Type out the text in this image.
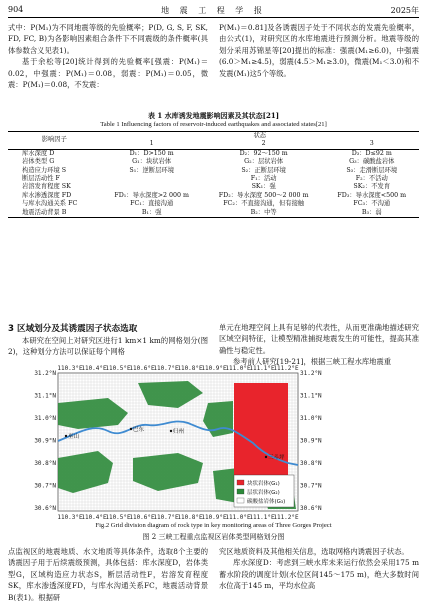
904	地 震 工 程 学 报	2025年

式中：P(M₁)为不同地震等级的先验概率；P(D, G, S, F, SK, FD, FC, B)为各影响因素组合条件下不同震级的条件概率(具体参数含义见表1)。

基于余松等[20]统计得到的先验概率[强震：P(M₁)＝0.02，中强震：P(M₁)＝0.08，弱震：P(M₁)＝0.05，微震：P(M₁)＝0.08，不发震：

P(M₁)＝0.81]及各诱震因子处于不同状态的发震先验概率，由公式(1)，对研究区的水库地震进行预测分析。地震等级的划分采用苏锦星等[20]提出的标准：强震(M₁≥6.0)，中强震(6.0＞M₁≥4.5)，弱震(4.5＞M₁≥3.0)，微震(M₁＜3.0)和不发震(M₁)这5个等级。

表 1 水库诱发地震影响因素及其状态[21]
Table 1 Influencing factors of reservoir-induced earthquakes and associated states[21]
影响因子	状态		
	1	2	3
库水深度 D	D₁：D>150 m	D₂：92～150 m	D₃：D≤92 m
岩体类型 G	G₁：块状岩体	G₂：层状岩体	G₃：碳酸盐岩体
构造应力环境 S	S₁：逆断层环境	S₂：正断层环境	S₃：走滑断层环境
断层活动性 F		F₁：活动	F₂：不活动
岩溶发育程度 SK		SK₁：强	SK₂：不发育
库水渗透深度 FD	FD₁：导水深度>2 000 m	FD₂：导水深度 500～2 000 m	FD₃：导水深度<500 m
与库水沟通关系 FC	FC₁：直接沟通	FC₂：不直接沟通，但有接触	FC₃：不沟通
地震活动背景 B	B₁：强	B₂：中等	B₃：弱
3 区域划分及其诱震因子状态选取

本研究在空间上对研究区进行1 km×1 km的网格划分(图2)，这种划分方法可以保证每个网格

单元在地理空间上具有足够的代表性，从而更准确地描述研究区域空间特征，让模型精准捕捉地震发生的可能性，提高其准确性与稳定性。

参考前人研究[19-21]，根据三峡工程水库地震重

110.3°E
110.3°E
110.4°E
110.4°E
110.5°E
110.5°E
110.6°E
110.6°E
110.7°E
110.7°E
110.8°E
110.8°E
110.9°E
110.9°E
111.0°E
111.0°E
111.1°E
111.1°E
111.2°E
111.2°E
31.2°N	31.2°N
31.1°N	31.1°N
31.0°N	31.0°N
30.9°N	30.9°N
30.8°N	30.8°N
30.7°N	30.7°N
30.6°N	30.6°N
巫山
巴东	归州
三斗坪
块状岩体(G₁)
层状岩体(G₂)
碳酸盐岩体(G₃)
Fig.2 Grid division diagram of rock type in key monitoring areas of Three Gorges Project
图 2 三峡工程重点监视区岩体类型网格划分图

点监视区的地震地质、水文地质等具体条件，选取8个主要的诱震因子用于后续震级预测，具体包括：库水深度D，岩体类型G，区域构造应力状态S，断层活动性F，岩溶发育程度SK，库水渗透深度FD，与库水沟通关系FC，地震活动背景B(表1)。根据研

究区地质资料及其他相关信息，选取网格内诱震因子状态。

库水深度D：考虑到三峡水库未来运行依然会采用175 m蓄水阶段的调度计划(水位区间145～175 m)，绝大多数时间水位高于145 m，平均水位高
